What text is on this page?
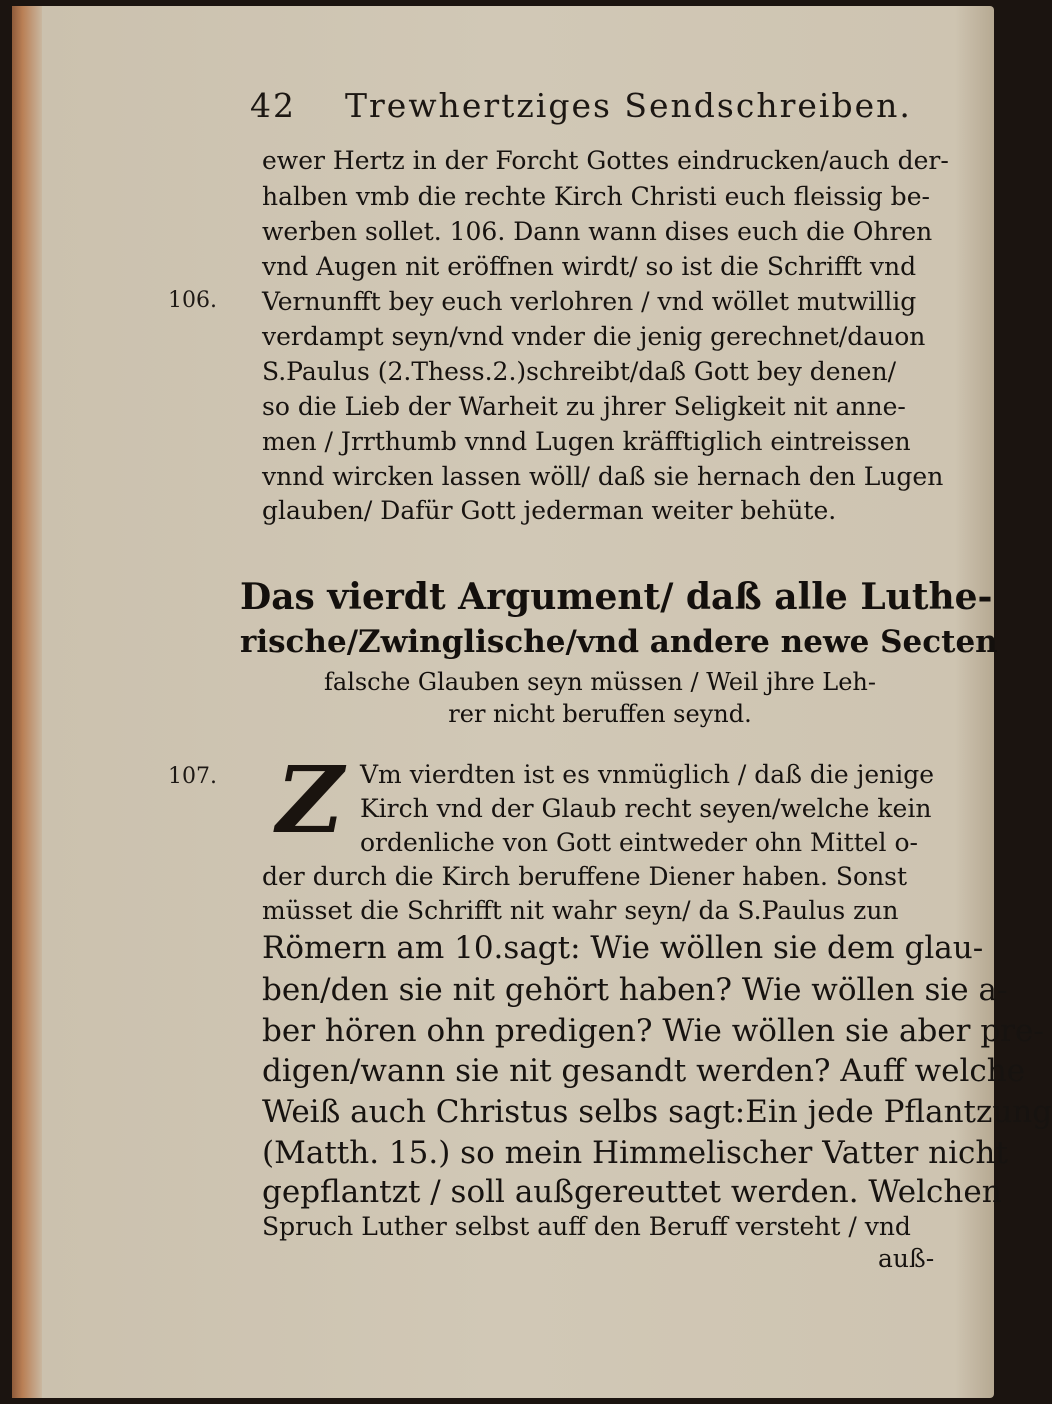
42 Trewhertziges Sendschreiben.
ewer Hertz in der Forcht Gottes eindrucken/auch der-
halben vmb die rechte Kirch Christi euch fleissig be-
werben sollet. 106. Dann wann dises euch die Ohren
vnd Augen nit eröffnen wirdt/ so ist die Schrifft vnd
106. Vernunfft bey euch verlohren / vnd wöllet mutwillig
verdampt seyn/vnd vnder die jenig gerechnet/dauon
S.Paulus (2.Thess.2.)schreibt/daß Gott bey denen/
so die Lieb der Warheit zu jhrer Seligkeit nit anne-
men / Jrrthumb vnnd Lugen kräfftiglich eintreissen
vnnd wircken lassen wöll/ daß sie hernach den Lugen
glauben/ Dafür Gott jederman weiter behüte.
Das vierdt Argument/ daß alle Luthe-
rische/Zwinglische/vnd andere newe Secten
falsche Glauben seyn müssen / Weil jhre Leh-
rer nicht beruffen seynd.
107. Z Vm vierdten ist es vnmüglich / daß die jenige
Kirch vnd der Glaub recht seyen/welche kein
ordenliche von Gott eintweder ohn Mittel o-
der durch die Kirch beruffene Diener haben. Sonst
müsset die Schrifft nit wahr seyn/ da S.Paulus zun
Römern am 10.sagt: Wie wöllen sie dem glau-
ben/den sie nit gehört haben? Wie wöllen sie a-
ber hören ohn predigen? Wie wöllen sie aber pre-
digen/wann sie nit gesandt werden? Auff welche
Weiß auch Christus selbs sagt:Ein jede Pflantzung
(Matth. 15.) so mein Himmelischer Vatter nicht
gepflantzt / soll außgereuttet werden. Welchen
Spruch Luther selbst auff den Beruff versteht / vnd
auß-
